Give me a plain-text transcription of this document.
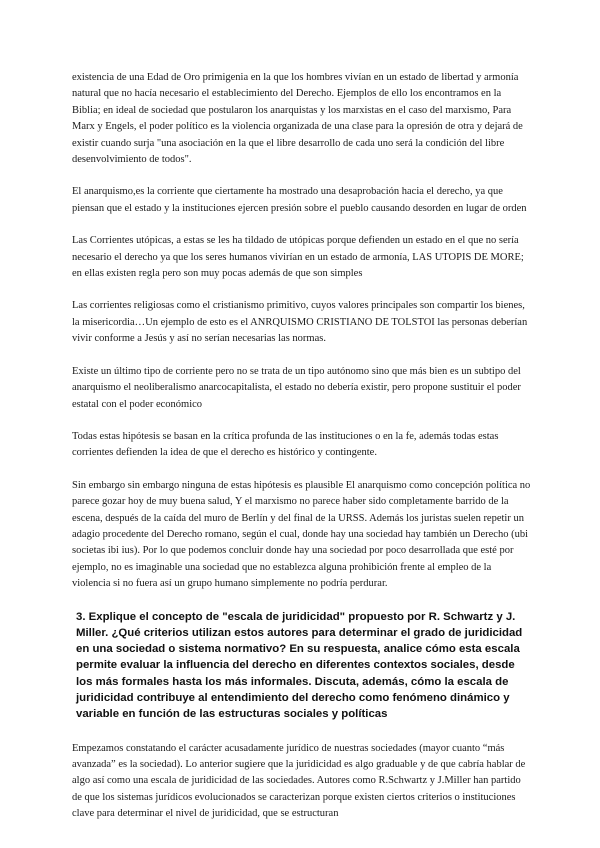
existencia de una Edad de Oro primigenia en la que los hombres vivían en un estado de libertad y armonía natural que no hacía necesario el establecimiento del Derecho. Ejemplos de ello los encontramos en la Biblia; en ideal de sociedad que postularon los anarquistas y los marxistas en el caso del marxismo, Para Marx y Engels, el poder político es la violencia organizada de una clase para la opresión de otra y dejará de existir cuando surja "una asociación en la que el libre desarrollo de cada uno será la condición del libre desenvolvimiento de todos".

El anarquismo,es la corriente que ciertamente ha mostrado una desaprobación hacia el derecho, ya que piensan que el estado y la instituciones ejercen presión sobre el pueblo causando desorden en lugar de orden

Las Corrientes utópicas, a estas se les ha tildado de utópicas porque defienden un estado en el que no sería necesario el derecho ya que los seres humanos vivirían en un estado de armonía, LAS UTOPIS DE MORE; en ellas existen regla pero son muy pocas además de que son simples

Las corrientes religiosas como el cristianismo primitivo, cuyos valores principales son compartir los bienes, la misericordia…Un ejemplo de esto es el ANRQUISMO CRISTIANO DE TOLSTOI las personas deberían vivir conforme a Jesús y así no serían necesarias las normas.

Existe un último tipo de corriente pero no se trata de un tipo autónomo sino que más bien es un subtipo del anarquismo el neoliberalismo anarcocapitalista, el estado no debería existir, pero propone sustituir el poder estatal con el poder económico

Todas estas hipótesis se basan en la crítica profunda de las instituciones o en la fe, además todas estas corrientes defienden la idea de que el derecho es histórico y contingente.

Sin embargo sin embargo ninguna de estas hipótesis es plausible El anarquismo como concepción política no parece gozar hoy de muy buena salud, Y el marxismo no parece haber sido completamente barrido de la escena, después de la caída del muro de Berlín y del final de la URSS. Además los juristas suelen repetir un adagio procedente del Derecho romano, según el cual, donde hay una sociedad hay también un Derecho (ubi societas ibi ius). Por lo que podemos concluir donde hay una sociedad por poco desarrollada que esté por ejemplo, no es imaginable una sociedad que no establezca alguna prohibición frente al empleo de la violencia si no fuera así un grupo humano simplemente no podría perdurar.

3. Explique el concepto de "escala de juridicidad" propuesto por R. Schwartz y J. Miller. ¿Qué criterios utilizan estos autores para determinar el grado de juridicidad en una sociedad o sistema normativo? En su respuesta, analice cómo esta escala permite evaluar la influencia del derecho en diferentes contextos sociales, desde los más formales hasta los más informales. Discuta, además, cómo la escala de juridicidad contribuye al entendimiento del derecho como fenómeno dinámico y variable en función de las estructuras sociales y políticas

Empezamos constatando el carácter acusadamente jurídico de nuestras sociedades (mayor cuanto “más avanzada” es la sociedad). Lo anterior sugiere que la juridicidad es algo graduable y de que cabría hablar de algo así como una escala de juridicidad de las sociedades. Autores como R.Schwartz y J.Miller han partido de que los sistemas jurídicos evolucionados se caracterizan porque existen ciertos criterios o instituciones clave para determinar el nivel de juridicidad, que se estructuran
